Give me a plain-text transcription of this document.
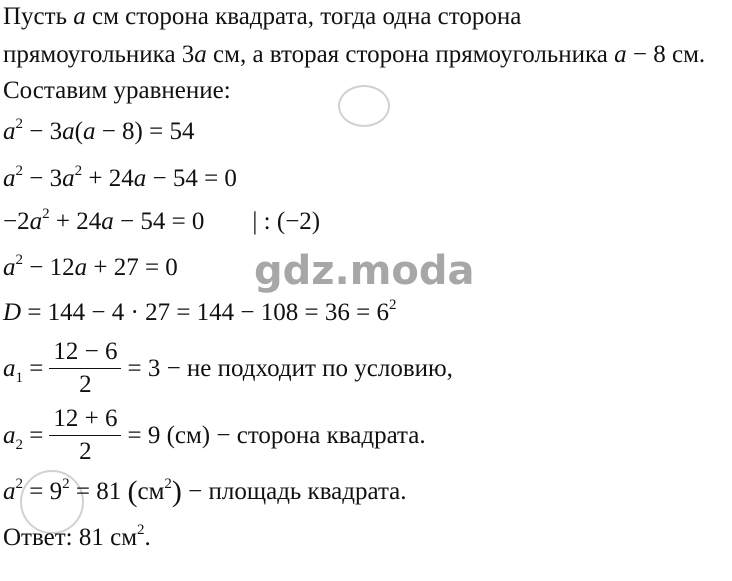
Пусть a см сторона квадрата, тогда одна сторона
прямоугольника 3a см, а вторая сторона прямоугольника a − 8 см.
Составим уравнение:
$a^2 - 3a(a - 8) = 54$
$a^2 - 3a^2 + 24a - 54 = 0$
$-2a^2 + 24a - 54 = 0$ | : (−2)
$a^2 - 12a + 27 = 0$
$D = 144 - 4 \cdot 27 = 144 - 108 = 36 = 6^2$
$a_1 = \frac{12 - 6}{2} = 3$ − не подходит по условию,
$a_2 = \frac{12 + 6}{2} = 9$ (см) − сторона квадрата.
$a^2 = 9^2 = 81$ $(см^2)$ − площадь квадрата.
Ответ: 81 $см^2$.
gdz.moda
